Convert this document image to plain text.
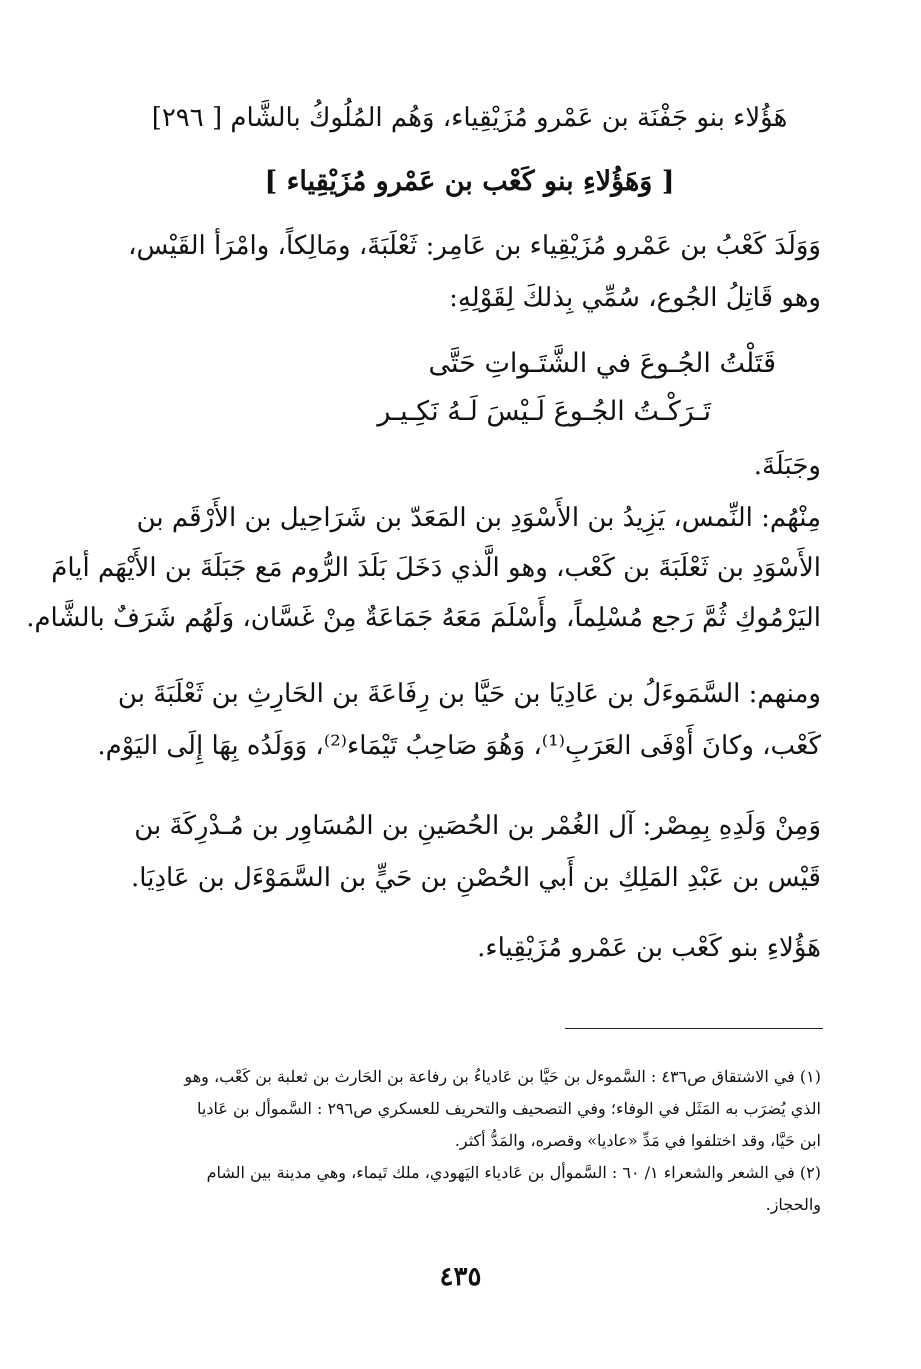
هَؤُلاء بنو جَفْنَة بن عَمْرو مُزَيْقِياء، وَهُم المُلُوكُ بالشَّام [ ٢٩٦]
[ وَهَؤُلاءِ بنو كَعْب بن عَمْرو مُزَيْقِياء ]
وَوَلَدَ كَعْبُ بن عَمْرو مُزَيْقِياء بن عَامِر: ثَعْلَبَةَ، ومَالِكاً، وامْرَأ القَيْس،
وهو قَاتِلُ الجُوع، سُمِّي بِذلكَ لِقَوْلِهِ:
قَتَلْتُ الجُـوعَ في الشَّتَـواتِ حَتَّى
تَـرَكْـتُ الجُـوعَ لَـيْسَ لَـهُ نَكِـيـر
وجَبَلَةَ.
مِنْهُم: النِّمس، يَزِيدُ بن الأَسْوَدِ بن المَعَدّ بن شَرَاحِيل بن الأَرْقَم بن
الأَسْوَدِ بن ثَعْلَبَةَ بن كَعْب، وهو الَّذي دَخَلَ بَلَدَ الرُّوم مَع جَبَلَةَ بن الأَيْهَم أيامَ
اليَرْمُوكِ ثُمَّ رَجع مُسْلِماً، وأَسْلَمَ مَعَهُ جَمَاعَةٌ مِنْ غَسَّان، وَلَهُم شَرَفٌ بالشَّام.
ومنهم: السَّمَوءَلُ بن عَادِيَا بن حَيَّا بن رِفَاعَةَ بن الحَارِثِ بن ثَعْلَبَةَ بن
كَعْب، وكانَ أَوْفَى العَرَبِ⁽¹⁾، وَهُوَ صَاحِبُ تَيْمَاء⁽²⁾، وَوَلَدُه بِهَا إِلَى اليَوْم.
وَمِنْ وَلَدِهِ بِمِصْر: آل الغُمْر بن الحُصَينِ بن المُسَاوِر بن مُـدْرِكَةَ بن
قَيْس بن عَبْدِ المَلِكِ بن أَبي الحُصْنِ بن حَيٍّ بن السَّمَوْءَل بن عَادِيَا.
هَؤُلاءِ بنو كَعْب بن عَمْرو مُزَيْقِياء.
(١) في الاشتقاق ص٤٣٦ : السَّموءل بن حَيَّا بن عَادياءُ بن رفاعة بن الحَارث بن ثعلبة بن كَعْب، وهو
الذي يُضرَب به المَثَل في الوفاء؛ وفي التصحيف والتحريف للعسكري ص٢٩٦ : السَّموأل بن عَاديا
ابن حَيَّا، وقد اختلفوا في مَدِّ «عاديا» وقصره، والمَدُّ أكثر.
(٢) في الشعر والشعراء ١/ ٦٠ : السَّموأل بن عَادياء اليَهودي، ملك تَيماء، وهي مدينة بين الشام
والحجاز.
٤٣٥
